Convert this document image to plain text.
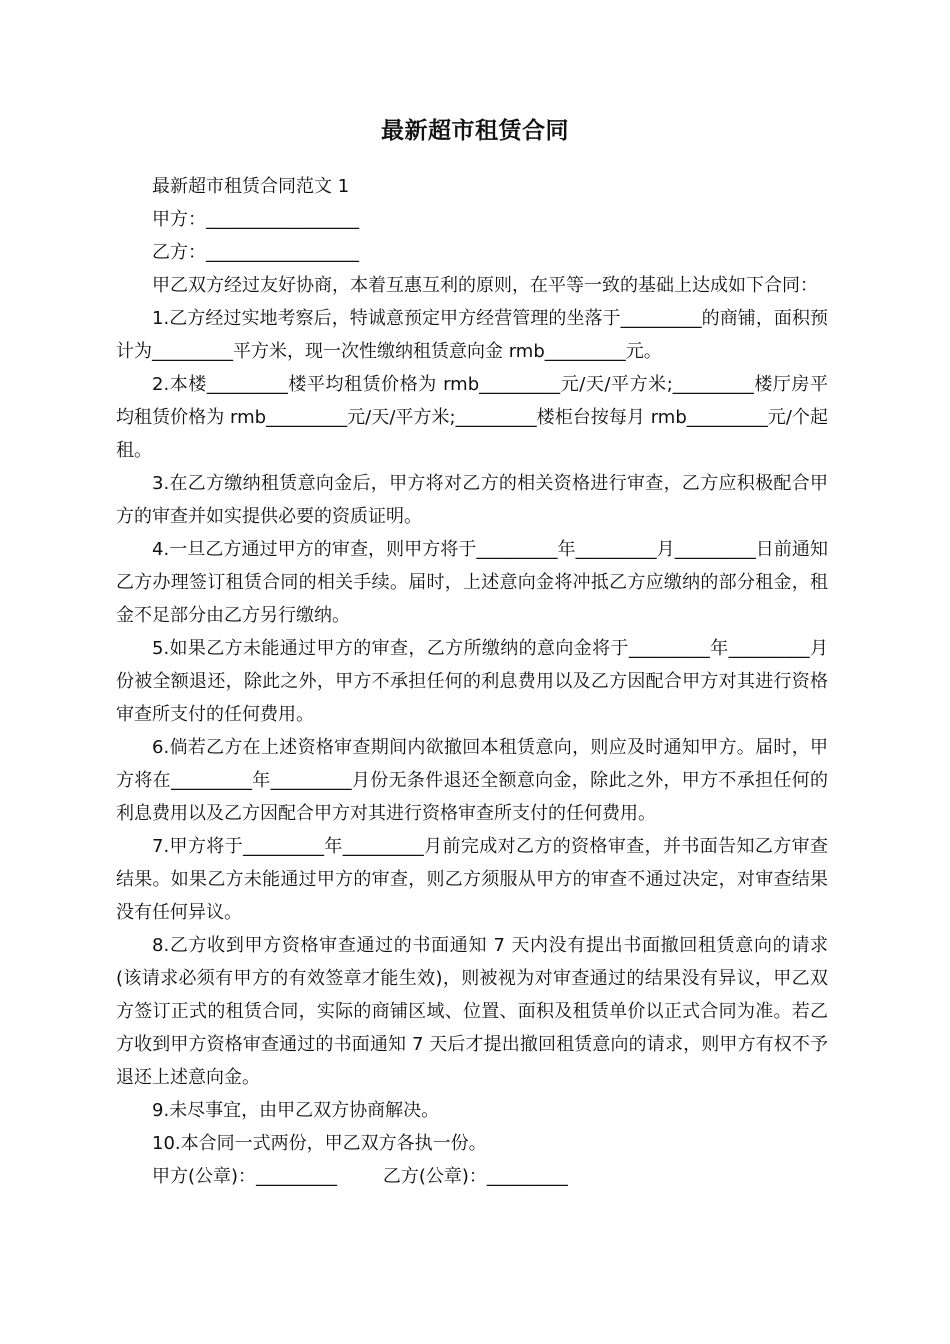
最新超市租赁合同

最新超市租赁合同范文 1

甲方：_________________

乙方：_________________

甲乙双方经过友好协商，本着互惠互利的原则，在平等一致的基础上达成如下合同：

1.乙方经过实地考察后，特诚意预定甲方经营管理的坐落于_________的商铺，面积预计为_________平方米，现一次性缴纳租赁意向金 rmb_________元。

2.本楼_________楼平均租赁价格为 rmb_________元/天/平方米;_________楼厅房平均租赁价格为 rmb_________元/天/平方米;_________楼柜台按每月 rmb_________元/个起租。

3.在乙方缴纳租赁意向金后，甲方将对乙方的相关资格进行审查，乙方应积极配合甲方的审查并如实提供必要的资质证明。

4.一旦乙方通过甲方的审查，则甲方将于_________年_________月_________日前通知乙方办理签订租赁合同的相关手续。届时，上述意向金将冲抵乙方应缴纳的部分租金，租金不足部分由乙方另行缴纳。

5.如果乙方未能通过甲方的审查，乙方所缴纳的意向金将于_________年_________月份被全额退还，除此之外，甲方不承担任何的利息费用以及乙方因配合甲方对其进行资格审查所支付的任何费用。

6.倘若乙方在上述资格审查期间内欲撤回本租赁意向，则应及时通知甲方。届时，甲方将在_________年_________月份无条件退还全额意向金，除此之外，甲方不承担任何的利息费用以及乙方因配合甲方对其进行资格审查所支付的任何费用。

7.甲方将于_________年_________月前完成对乙方的资格审查，并书面告知乙方审查结果。如果乙方未能通过甲方的审查，则乙方须服从甲方的审查不通过决定，对审查结果没有任何异议。

8.乙方收到甲方资格审查通过的书面通知 7 天内没有提出书面撤回租赁意向的请求(该请求必须有甲方的有效签章才能生效)，则被视为对审查通过的结果没有异议，甲乙双方签订正式的租赁合同，实际的商铺区域、位置、面积及租赁单价以正式合同为准。若乙方收到甲方资格审查通过的书面通知 7 天后才提出撤回租赁意向的请求，则甲方有权不予退还上述意向金。

9.未尽事宜，由甲乙双方协商解决。

10.本合同一式两份，甲乙双方各执一份。

甲方(公章)：_________        乙方(公章)：_________
